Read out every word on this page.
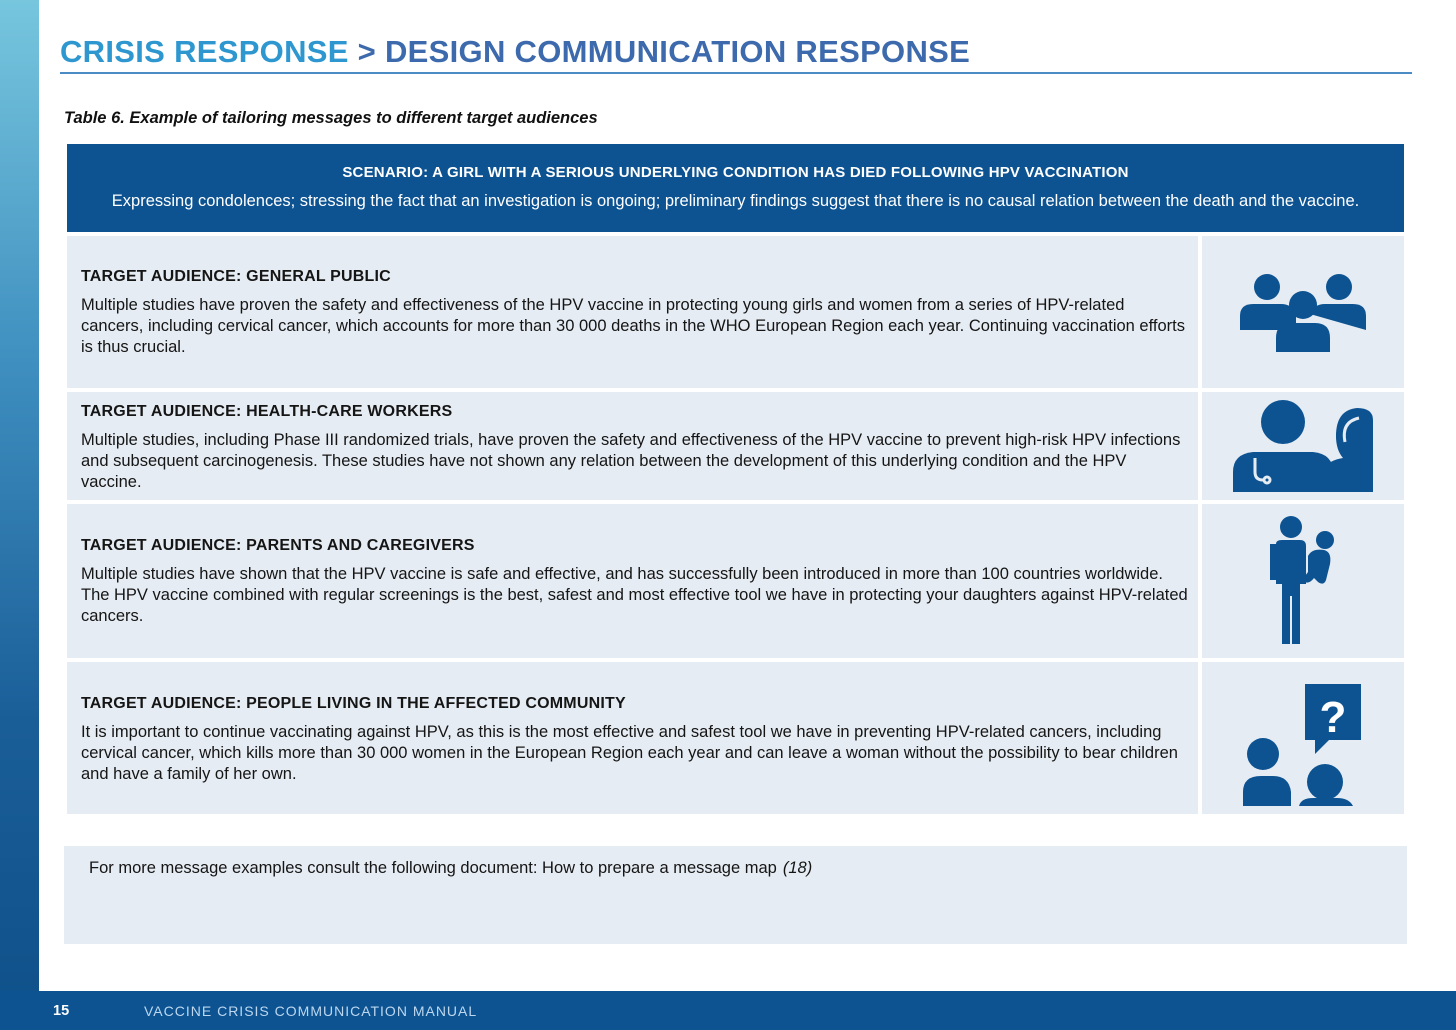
CRISIS RESPONSE > DESIGN COMMUNICATION RESPONSE
Table 6. Example of tailoring messages to different target audiences
SCENARIO: A GIRL WITH A SERIOUS UNDERLYING CONDITION HAS DIED FOLLOWING HPV VACCINATION
Expressing condolences; stressing the fact that an investigation is ongoing; preliminary findings suggest that there is no causal relation between the death and the vaccine.
TARGET AUDIENCE: GENERAL PUBLIC
Multiple studies have proven the safety and effectiveness of the HPV vaccine in protecting young girls and women from a series of HPV-related cancers, including cervical cancer, which accounts for more than 30 000 deaths in the WHO European Region each year. Continuing vaccination efforts is thus crucial.
TARGET AUDIENCE: HEALTH-CARE WORKERS
Multiple studies, including Phase III randomized trials, have proven the safety and effectiveness of the HPV vaccine to prevent high-risk HPV infections and subsequent carcinogenesis. These studies have not shown any relation between the development of this underlying condition and the HPV vaccine.
TARGET AUDIENCE: PARENTS AND CAREGIVERS
Multiple studies have shown that the HPV vaccine is safe and effective, and has successfully been introduced in more than 100 countries worldwide. The HPV vaccine combined with regular screenings is the best, safest and most effective tool we have in protecting your daughters against HPV-related cancers.
TARGET AUDIENCE: PEOPLE LIVING IN THE AFFECTED COMMUNITY
It is important to continue vaccinating against HPV, as this is the most effective and safest tool we have in preventing HPV-related cancers, including cervical cancer, which kills more than 30 000 women in the European Region each year and can leave a woman without the possibility to bear children and have a family of her own.
?
For more message examples consult the following document: How to prepare a message map (18)
15	VACCINE CRISIS COMMUNICATION MANUAL
